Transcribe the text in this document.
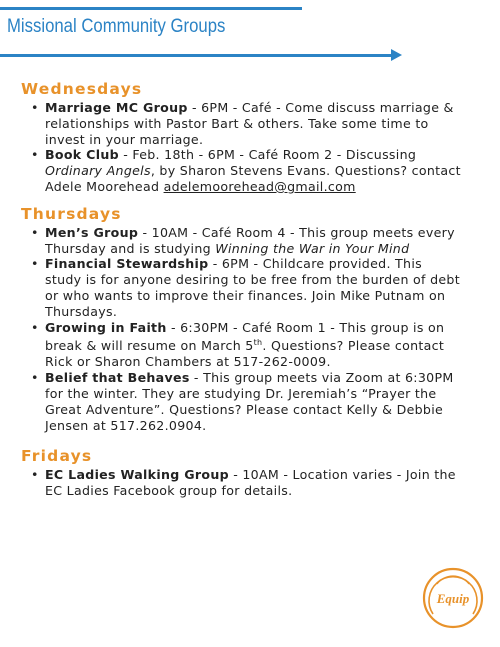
Missional Community Groups
Wednesdays
• Marriage MC Group - 6PM - Café - Come discuss marriage & relationships with Pastor Bart & others. Take some time to invest in your marriage.
• Book Club - Feb. 18th - 6PM - Café Room 2 - Discussing Ordinary Angels, by Sharon Stevens Evans. Questions? contact Adele Moorehead adelemoorehead@gmail.com
Thursdays
• Men’s Group - 10AM - Café Room 4 - This group meets every Thursday and is studying Winning the War in Your Mind
• Financial Stewardship - 6PM - Childcare provided. This study is for anyone desiring to be free from the burden of debt or who wants to improve their finances. Join Mike Putnam on Thursdays.
• Growing in Faith - 6:30PM - Café Room 1 - This group is on break & will resume on March 5th. Questions? Please contact Rick or Sharon Chambers at 517-262-0009.
• Belief that Behaves - This group meets via Zoom at 6:30PM for the winter. They are studying Dr. Jeremiah’s “Prayer the Great Adventure”. Questions? Please contact Kelly & Debbie Jensen at 517.262.0904.
Fridays
• EC Ladies Walking Group - 10AM - Location varies - Join the EC Ladies Facebook group for details.
Equip
